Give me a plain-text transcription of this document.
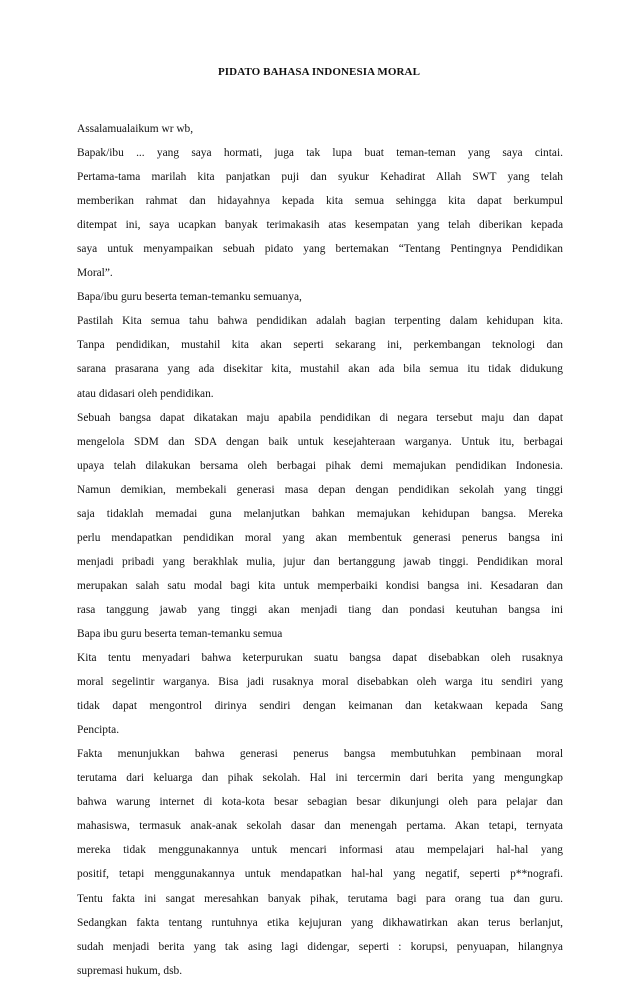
PIDATO BAHASA INDONESIA MORAL
Assalamualaikum wr wb,
Bapak/ibu ... yang saya hormati, juga tak lupa buat teman-teman yang saya cintai.
Pertama-tama marilah kita panjatkan puji dan syukur Kehadirat Allah SWT yang telah
memberikan rahmat dan hidayahnya kepada kita semua sehingga kita dapat berkumpul
ditempat ini, saya ucapkan banyak terimakasih atas kesempatan yang telah diberikan kepada
saya untuk menyampaikan sebuah pidato yang bertemakan “Tentang Pentingnya Pendidikan
Moral”.
Bapa/ibu guru beserta teman-temanku semuanya,
Pastilah Kita semua tahu bahwa pendidikan adalah bagian terpenting dalam kehidupan kita.
Tanpa pendidikan, mustahil kita akan seperti sekarang ini, perkembangan teknologi dan
sarana prasarana yang ada disekitar kita, mustahil akan ada bila semua itu tidak didukung
atau didasari oleh pendidikan.
Sebuah bangsa dapat dikatakan maju apabila pendidikan di negara tersebut maju dan dapat
mengelola SDM dan SDA dengan baik untuk kesejahteraan warganya. Untuk itu, berbagai
upaya telah dilakukan bersama oleh berbagai pihak demi memajukan pendidikan Indonesia.
Namun demikian, membekali generasi masa depan dengan pendidikan sekolah yang tinggi
saja tidaklah memadai guna melanjutkan bahkan memajukan kehidupan bangsa. Mereka
perlu mendapatkan pendidikan moral yang akan membentuk generasi penerus bangsa ini
menjadi pribadi yang berakhlak mulia, jujur dan bertanggung jawab tinggi. Pendidikan moral
merupakan salah satu modal bagi kita untuk memperbaiki kondisi bangsa ini. Kesadaran dan
rasa tanggung jawab yang tinggi akan menjadi tiang dan pondasi keutuhan bangsa ini
Bapa ibu guru beserta teman-temanku semua
Kita tentu menyadari bahwa keterpurukan suatu bangsa dapat disebabkan oleh rusaknya
moral segelintir warganya. Bisa jadi rusaknya moral disebabkan oleh warga itu sendiri yang
tidak dapat mengontrol dirinya sendiri dengan keimanan dan ketakwaan kepada Sang
Pencipta.
Fakta menunjukkan bahwa generasi penerus bangsa membutuhkan pembinaan moral
terutama dari keluarga dan pihak sekolah. Hal ini tercermin dari berita yang mengungkap
bahwa warung internet di kota-kota besar sebagian besar dikunjungi oleh para pelajar dan
mahasiswa, termasuk anak-anak sekolah dasar dan menengah pertama. Akan tetapi, ternyata
mereka tidak menggunakannya untuk mencari informasi atau mempelajari hal-hal yang
positif, tetapi menggunakannya untuk mendapatkan hal-hal yang negatif, seperti p**nografi.
Tentu fakta ini sangat meresahkan banyak pihak, terutama bagi para orang tua dan guru.
Sedangkan fakta tentang runtuhnya etika kejujuran yang dikhawatirkan akan terus berlanjut,
sudah menjadi berita yang tak asing lagi didengar, seperti : korupsi, penyuapan, hilangnya
supremasi hukum, dsb.
